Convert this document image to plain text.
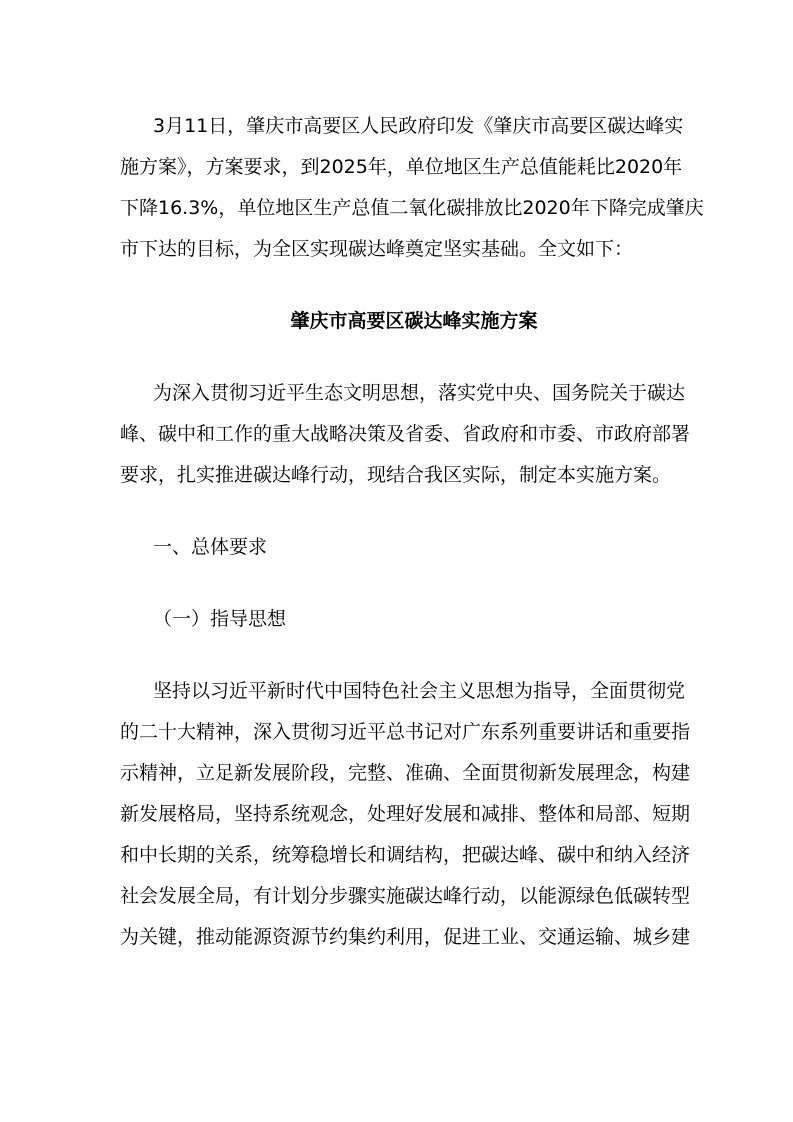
3月11日，肇庆市高要区人民政府印发《肇庆市高要区碳达峰实
施方案》，方案要求，到2025年，单位地区生产总值能耗比2020年
下降16.3%，单位地区生产总值二氧化碳排放比2020年下降完成肇庆
市下达的目标，为全区实现碳达峰奠定坚实基础。全文如下：
肇庆市高要区碳达峰实施方案
为深入贯彻习近平生态文明思想，落实党中央、国务院关于碳达
峰、碳中和工作的重大战略决策及省委、省政府和市委、市政府部署
要求，扎实推进碳达峰行动，现结合我区实际，制定本实施方案。
一、总体要求
（一）指导思想
坚持以习近平新时代中国特色社会主义思想为指导，全面贯彻党
的二十大精神，深入贯彻习近平总书记对广东系列重要讲话和重要指
示精神，立足新发展阶段，完整、准确、全面贯彻新发展理念，构建
新发展格局，坚持系统观念，处理好发展和减排、整体和局部、短期
和中长期的关系，统筹稳增长和调结构，把碳达峰、碳中和纳入经济
社会发展全局，有计划分步骤实施碳达峰行动，以能源绿色低碳转型
为关键，推动能源资源节约集约利用，促进工业、交通运输、城乡建
